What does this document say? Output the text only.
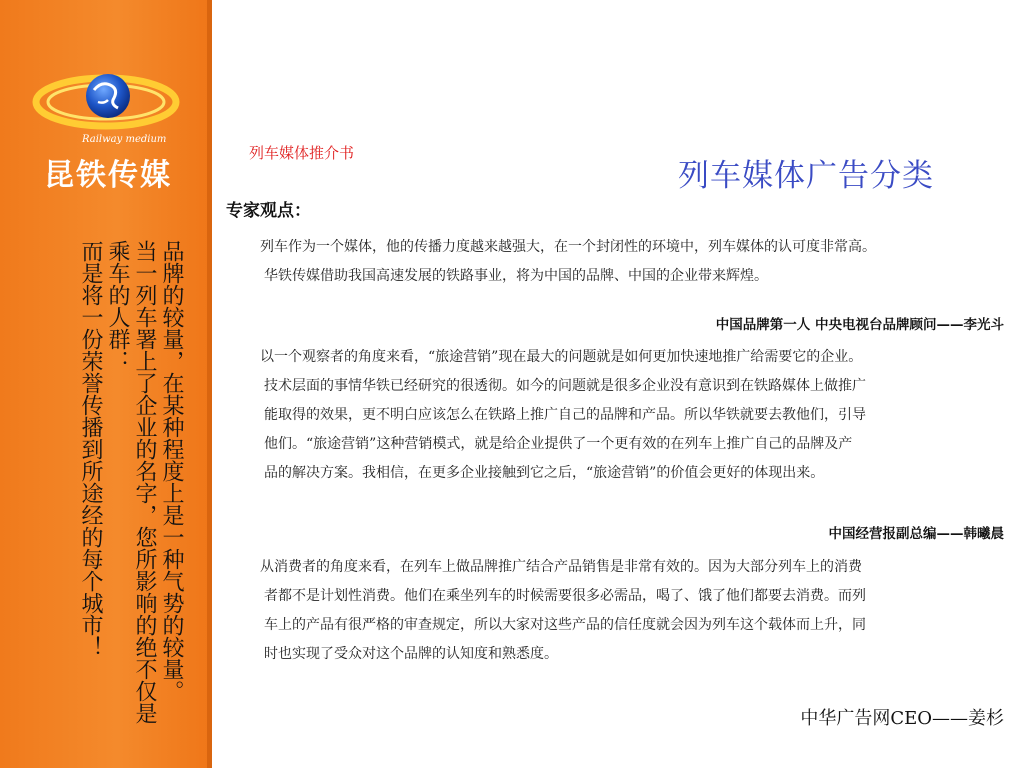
Railway medium
昆铁传媒
品牌的较量，在某种程度上是一种气势的较量。
当一列车署上了企业的名字，您所影响的绝不仅是
乘车的人群：
而是将一份荣誉传播到所途经的每个城市！
列车媒体推介书
列车媒体广告分类
专家观点：

列车作为一个媒体，他的传播力度越来越强大，在一个封闭性的环境中，列车媒体的认可度非常高。
华铁传媒借助我国高速发展的铁路事业，将为中国的品牌、中国的企业带来辉煌。

中国品牌第一人 中央电视台品牌顾问——李光斗

以一个观察者的角度来看，“旅途营销”现在最大的问题就是如何更加快速地推广给需要它的企业。
技术层面的事情华铁已经研究的很透彻。如今的问题就是很多企业没有意识到在铁路媒体上做推广
能取得的效果，更不明白应该怎么在铁路上推广自己的品牌和产品。所以华铁就要去教他们，引导
他们。“旅途营销”这种营销模式，就是给企业提供了一个更有效的在列车上推广自己的品牌及产
品的解决方案。我相信，在更多企业接触到它之后，“旅途营销”的价值会更好的体现出来。

中国经营报副总编——韩曦晨

从消费者的角度来看，在列车上做品牌推广结合产品销售是非常有效的。因为大部分列车上的消费
者都不是计划性消费。他们在乘坐列车的时候需要很多必需品，喝了、饿了他们都要去消费。而列
车上的产品有很严格的审查规定，所以大家对这些产品的信任度就会因为列车这个载体而上升，同
时也实现了受众对这个品牌的认知度和熟悉度。

中华广告网CEO——姜杉
